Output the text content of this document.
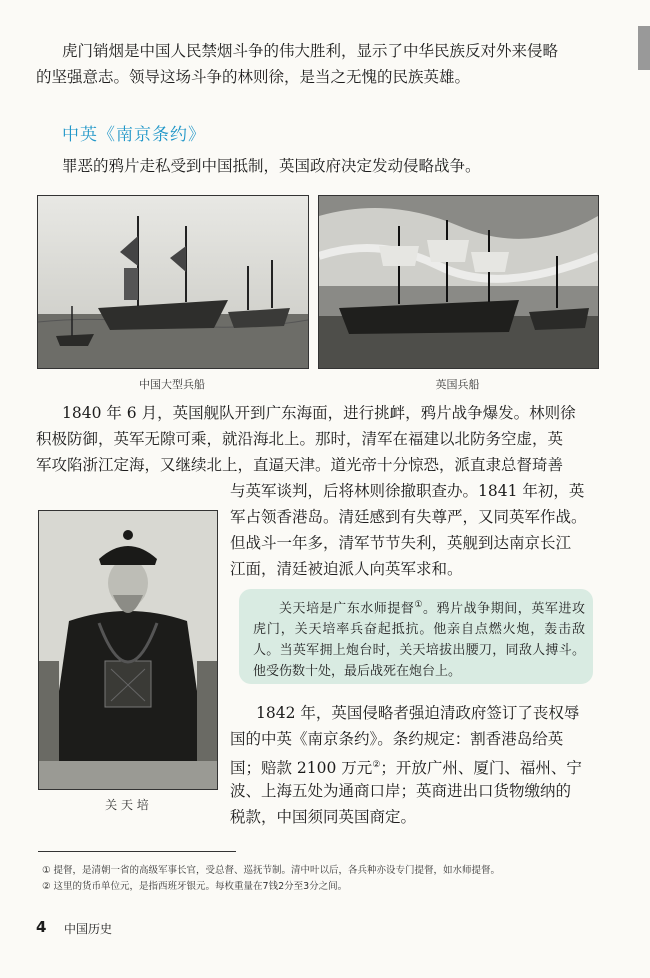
虎门销烟是中国人民禁烟斗争的伟大胜利，显示了中华民族反对外来侵略
的坚强意志。领导这场斗争的林则徐，是当之无愧的民族英雄。
中英《南京条约》
罪恶的鸦片走私受到中国抵制，英国政府决定发动侵略战争。
中国大型兵船	英国兵船
1840 年 6 月，英国舰队开到广东海面，进行挑衅，鸦片战争爆发。林则徐
积极防御，英军无隙可乘，就沿海北上。那时，清军在福建以北防务空虚，英
军攻陷浙江定海，又继续北上，直逼天津。道光帝十分惊恐，派直隶总督琦善
与英军谈判，后将林则徐撤职查办。1841 年初，英
军占领香港岛。清廷感到有失尊严，又同英军作战。
但战斗一年多，清军节节失利，英舰到达南京长江
江面，清廷被迫派人向英军求和。
关 天 培

关天培是广东水师提督①。鸦片战争期间，英军进攻虎门，关天培率兵奋起抵抗。他亲自点燃火炮，轰击敌人。当英军拥上炮台时，关天培拔出腰刀，同敌人搏斗。他受伤数十处，最后战死在炮台上。

1842 年，英国侵略者强迫清政府签订了丧权辱
国的中英《南京条约》。条约规定：割香港岛给英
国；赔款 2100 万元②；开放广州、厦门、福州、宁
波、上海五处为通商口岸；英商进出口货物缴纳的
税款，中国须同英国商定。
① 提督，是清朝一省的高级军事长官，受总督、巡抚节制。清中叶以后，各兵种亦设专门提督，如水师提督。
② 这里的货币单位元，是指西班牙银元。每枚重量在7钱2分至3分之间。
4 中国历史
